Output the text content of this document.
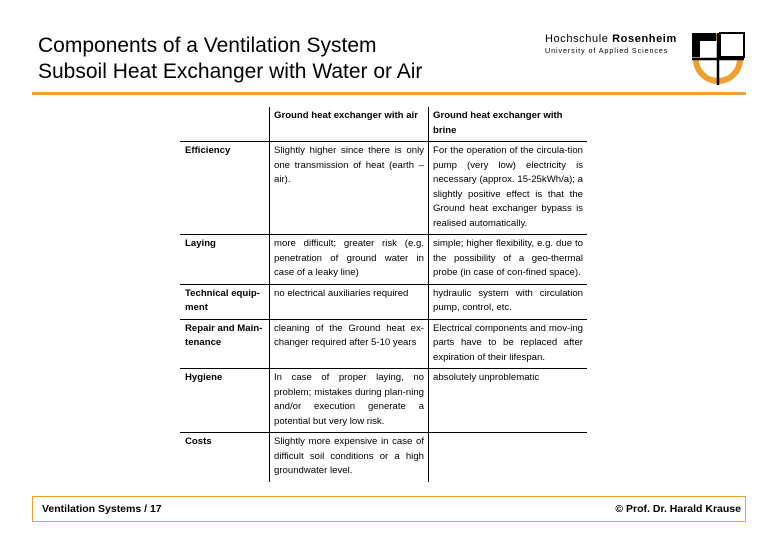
Components of a Ventilation System
Subsoil Heat Exchanger with Water or Air
Hochschule Rosenheim
University of Applied Sciences
	Ground heat exchanger with air	Ground heat exchanger with brine
Efficiency	Slightly higher since there is only one transmission of heat (earth – air).	For the operation of the circula-tion pump (very low) electricity is necessary (approx. 15-25kWh/a); a slightly positive effect is that the Ground heat exchanger bypass is realised automatically.
Laying	more difficult; greater risk (e.g. penetration of ground water in case of a leaky line)	simple; higher flexibility, e.g. due to the possibility of a geo-thermal probe (in case of con-fined space).
Technical equip-ment	no electrical auxiliaries required	hydraulic system with circulation pump, control, etc.
Repair and Main-tenance	cleaning of the Ground heat ex-changer required after 5-10 years	Electrical components and mov-ing parts have to be replaced after expiration of their lifespan.
Hygiene	In case of proper laying, no problem; mistakes during plan-ning and/or execution generate a potential but very low risk.	absolutely unproblematic
Costs	Slightly more expensive in case of difficult soil conditions or a high groundwater level.	
Ventilation Systems / 17	© Prof. Dr. Harald Krause
